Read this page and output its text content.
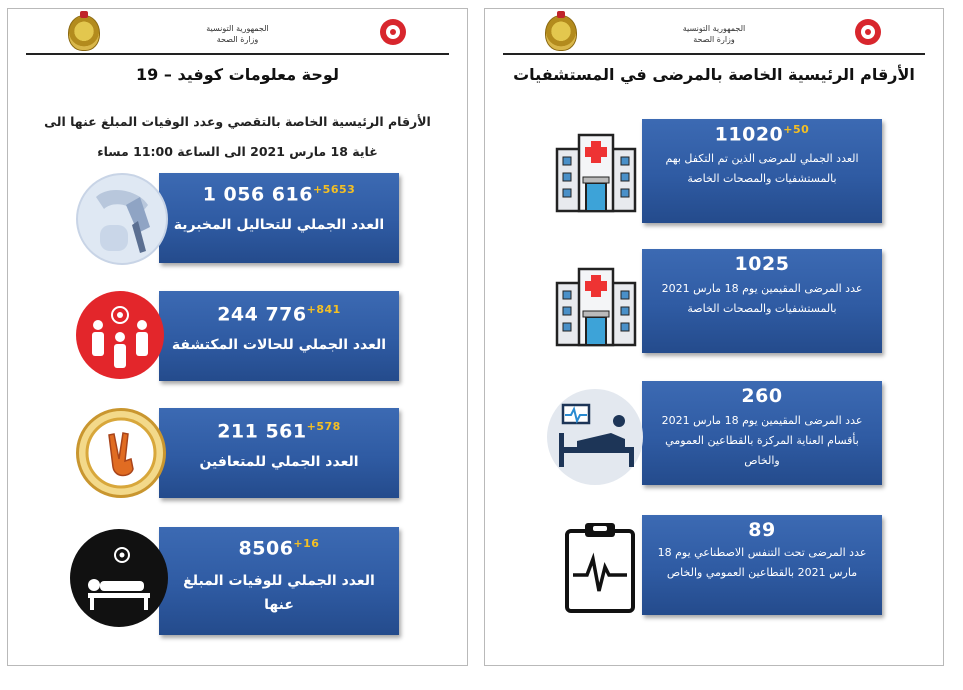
الجمهورية التونسية
وزارة الصحة
لوحة معلومات كوفيد – 19
الأرقام الرئيسية الخاصة بالتقصي وعدد الوفيات المبلغ عنها الى غاية 18 مارس 2021 الى الساعة 11:00 مساء
1 056 $616^{+5653}$
العدد الجملي للتحاليل المخبرية
244 $776^{+841}$
العدد الجملي للحالات المكتشفة
211 $561^{+578}$
العدد الجملي للمتعافين
$8506^{+16}$
العدد الجملي للوفيات المبلغ عنها
الجمهورية التونسية
وزارة الصحة
الأرقام الرئيسية الخاصة بالمرضى في المستشفيات
$11020^{+50}$
العدد الجملي للمرضى الذين تم التكفل بهم بالمستشفيات والمصحات الخاصة
1025
عدد المرضى المقيمين يوم 18 مارس 2021 بالمستشفيات والمصحات الخاصة
260
عدد المرضى المقيمين يوم 18 مارس 2021 بأقسام العناية المركزة بالقطاعين العمومي والخاص
89
عدد المرضى تحت التنفس الاصطناعي يوم 18 مارس 2021 بالقطاعين العمومي والخاص
